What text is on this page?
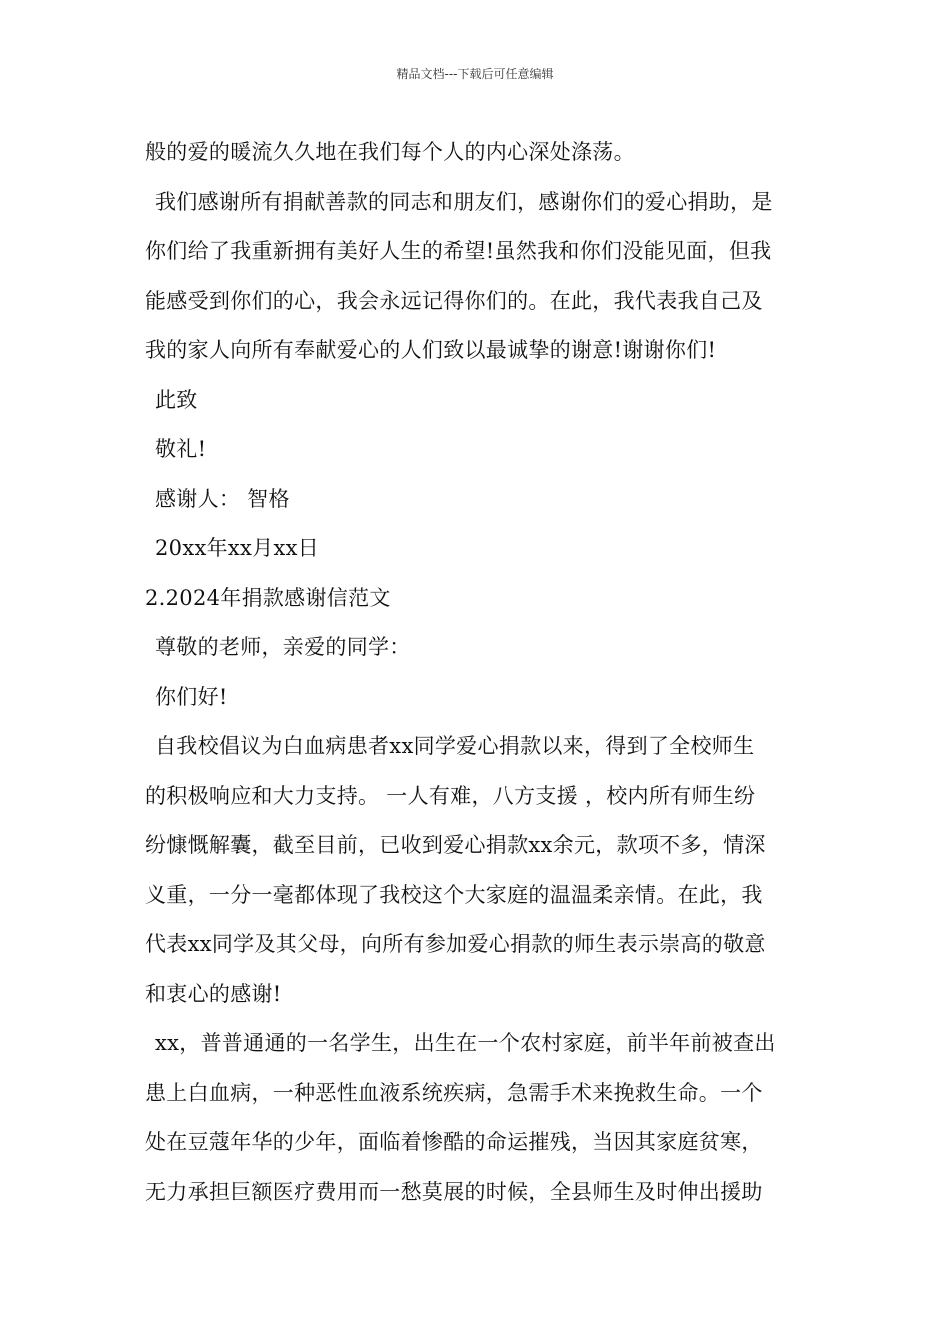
精品文档---下载后可任意编辑
般的爱的暖流久久地在我们每个人的内心深处涤荡。
我们感谢所有捐献善款的同志和朋友们，感谢你们的爱心捐助，是
你们给了我重新拥有美好人生的希望!虽然我和你们没能见面，但我
能感受到你们的心，我会永远记得你们的。在此，我代表我自己及
我的家人向所有奉献爱心的人们致以最诚挚的谢意!谢谢你们!
此致
敬礼!
感谢人： 智格
20xx年xx月xx日
2.2024年捐款感谢信范文
尊敬的老师，亲爱的同学：
你们好!
自我校倡议为白血病患者xx同学爱心捐款以来，得到了全校师生
的积极响应和大力支持。 一人有难，八方支援 ，校内所有师生纷
纷慷慨解囊，截至目前，已收到爱心捐款xx余元，款项不多，情深
义重，一分一毫都体现了我校这个大家庭的温温柔亲情。在此，我
代表xx同学及其父母，向所有参加爱心捐款的师生表示崇高的敬意
和衷心的感谢!
xx，普普通通的一名学生，出生在一个农村家庭，前半年前被查出
患上白血病，一种恶性血液系统疾病，急需手术来挽救生命。一个
处在豆蔻年华的少年，面临着惨酷的命运摧残，当因其家庭贫寒，
无力承担巨额医疗费用而一愁莫展的时候，全县师生及时伸出援助
